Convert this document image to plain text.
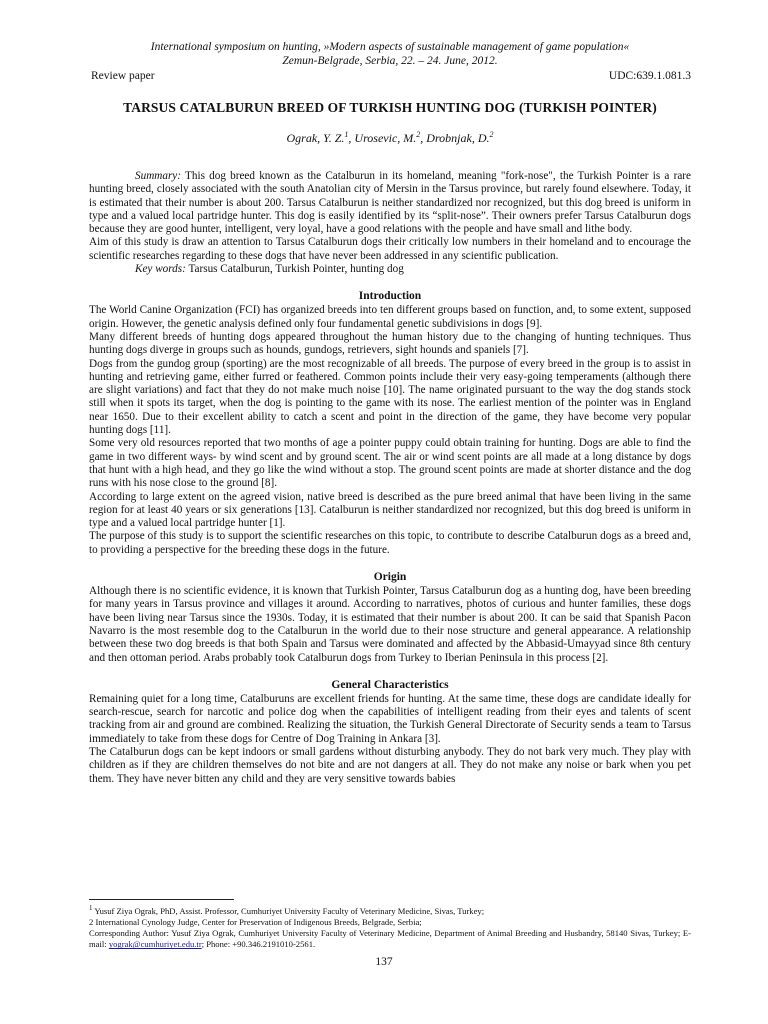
International symposium on hunting, »Modern aspects of sustainable management of game population«
Zemun-Belgrade, Serbia, 22. – 24. June, 2012.
Review paper	UDC:639.1.081.3
TARSUS CATALBURUN BREED OF TURKISH HUNTING DOG (TURKISH POINTER)
Ograk, Y. Z.$^1$, Urosevic, M.$^2$, Drobnjak, D.$^2$

Summary: This dog breed known as the Catalburun in its homeland, meaning "fork-nose", the Turkish Pointer is a rare hunting breed, closely associated with the south Anatolian city of Mersin in the Tarsus province, but rarely found elsewhere. Today, it is estimated that their number is about 200. Tarsus Catalburun is neither standardized nor recognized, but this dog breed is uniform in type and a valued local partridge hunter. This dog is easily identified by its “split-nose”. Their owners prefer Tarsus Catalburun dogs because they are good hunter, intelligent, very loyal, have a good relations with the people and have small and lithe body.

Aim of this study is draw an attention to Tarsus Catalburun dogs their critically low numbers in their homeland and to encourage the scientific researches regarding to these dogs that have never been addressed in any scientific publication.

Key words: Tarsus Catalburun, Turkish Pointer, hunting dog

Introduction

The World Canine Organization (FCI) has organized breeds into ten different groups based on function, and, to some extent, supposed origin. However, the genetic analysis defined only four fundamental genetic subdivisions in dogs [9].

Many different breeds of hunting dogs appeared throughout the human history due to the changing of hunting techniques. Thus hunting dogs diverge in groups such as hounds, gundogs, retrievers, sight hounds and spaniels [7].

Dogs from the gundog group (sporting) are the most recognizable of all breeds. The purpose of every breed in the group is to assist in hunting and retrieving game, either furred or feathered. Common points include their very easy-going temperaments (although there are slight variations) and fact that they do not make much noise [10]. The name originated pursuant to the way the dog stands stock still when it spots its target, when the dog is pointing to the game with its nose. The earliest mention of the pointer was in England near 1650. Due to their excellent ability to catch a scent and point in the direction of the game, they have become very popular hunting dogs [11].

Some very old resources reported that two months of age a pointer puppy could obtain training for hunting. Dogs are able to find the game in two different ways- by wind scent and by ground scent. The air or wind scent points are all made at a long distance by dogs that hunt with a high head, and they go like the wind without a stop. The ground scent points are made at shorter distance and the dog runs with his nose close to the ground [8].

According to large extent on the agreed vision, native breed is described as the pure breed animal that have been living in the same region for at least 40 years or six generations [13]. Catalburun is neither standardized nor recognized, but this dog breed is uniform in type and a valued local partridge hunter [1].

The purpose of this study is to support the scientific researches on this topic, to contribute to describe Catalburun dogs as a breed and, to providing a perspective for the breeding these dogs in the future.

Origin

Although there is no scientific evidence, it is known that Turkish Pointer, Tarsus Catalburun dog as a hunting dog, have been breeding for many years in Tarsus province and villages it around. According to narratives, photos of curious and hunter families, these dogs have been living near Tarsus since the 1930s. Today, it is estimated that their number is about 200. It can be said that Spanish Pacon Navarro is the most resemble dog to the Catalburun in the world due to their nose structure and general appearance. A relationship between these two dog breeds is that both Spain and Tarsus were dominated and affected by the Abbasid-Umayyad since 8th century and then ottoman period. Arabs probably took Catalburun dogs from Turkey to Iberian Peninsula in this process [2].

General Characteristics

Remaining quiet for a long time, Catalburuns are excellent friends for hunting. At the same time, these dogs are candidate ideally for search-rescue, search for narcotic and police dog when the capabilities of intelligent reading from their eyes and talents of scent tracking from air and ground are combined. Realizing the situation, the Turkish General Directorate of Security sends a team to Tarsus immediately to take from these dogs for Centre of Dog Training in Ankara [3].

The Catalburun dogs can be kept indoors or small gardens without disturbing anybody. They do not bark very much. They play with children as if they are children themselves do not bite and are not dangers at all. They do not make any noise or bark when you pet them. They have never bitten any child and they are very sensitive towards babies

$^1$ Yusuf Ziya Ograk, PhD, Assist. Professor, Cumhuriyet University Faculty of Veterinary Medicine, Sivas, Turkey;

2 International Cynology Judge, Center for Preservation of Indigenous Breeds, Belgrade, Serbia;

Corresponding Author: Yusuf Ziya Ograk, Cumhuriyet University Faculty of Veterinary Medicine, Department of Animal Breeding and Husbandry, 58140 Sivas, Turkey; E-mail: yograk@cumhuriyet.edu.tr; Phone: +90.346.2191010-2561.

137
